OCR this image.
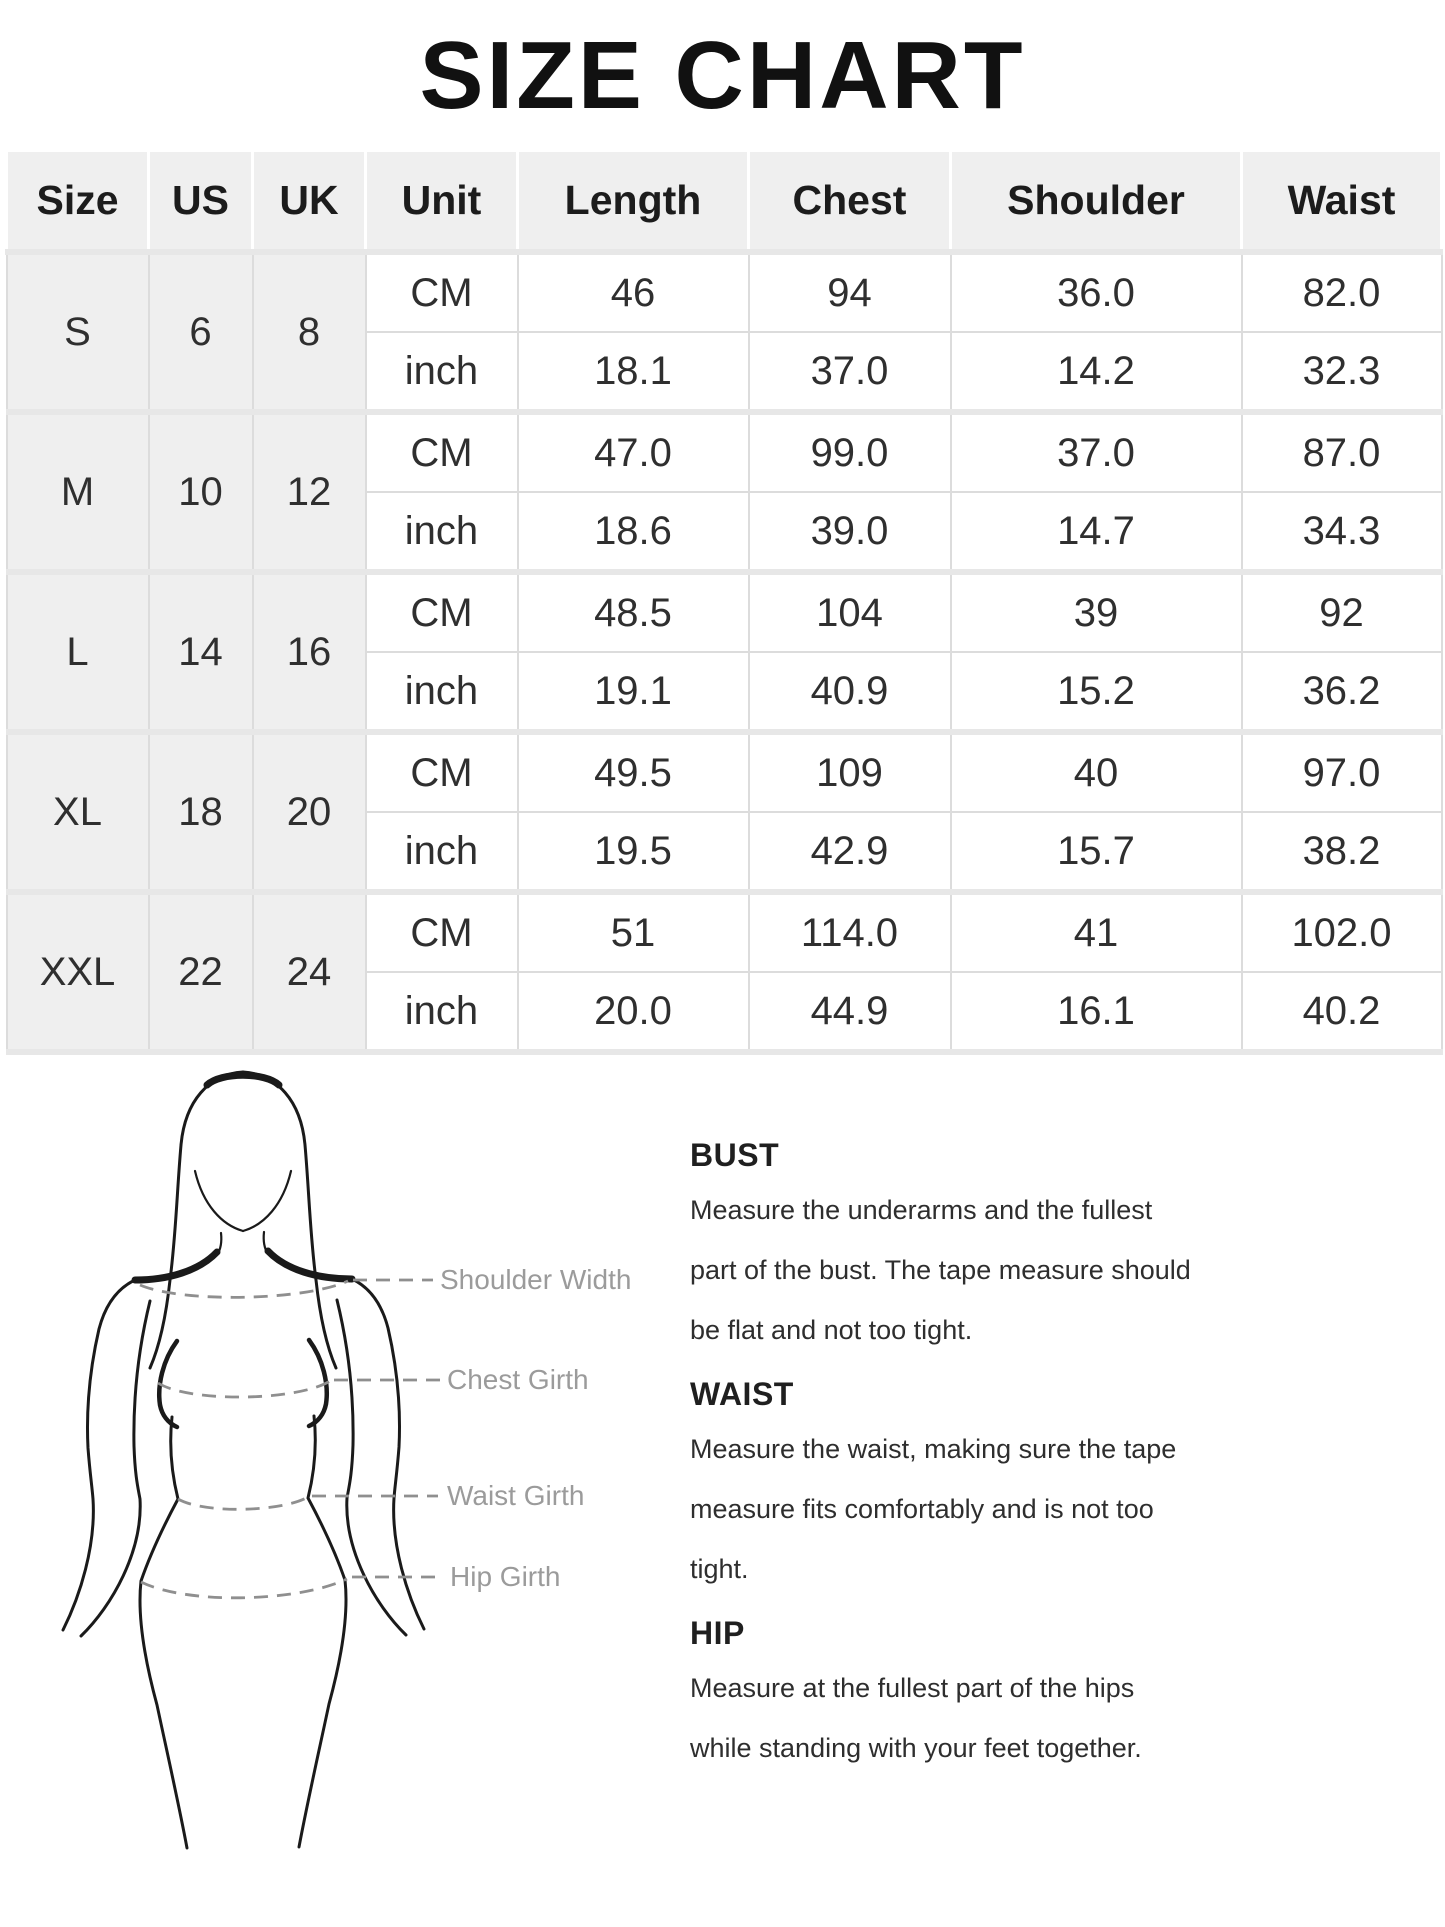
SIZE CHART
Size	US	UK	Unit	Length	Chest	Shoulder	Waist
S	6	8	CM	46	94	36.0	82.0
			inch	18.1	37.0	14.2	32.3
M	10	12	CM	47.0	99.0	37.0	87.0
			inch	18.6	39.0	14.7	34.3
L	14	16	CM	48.5	104	39	92
			inch	19.1	40.9	15.2	36.2
XL	18	20	CM	49.5	109	40	97.0
			inch	19.5	42.9	15.7	38.2
XXL	22	24	CM	51	114.0	41	102.0
			inch	20.0	44.9	16.1	40.2
Shoulder Width
Chest Girth
Waist Girth
Hip Girth
BUST
Measure the underarms and the fullest
part of the bust. The tape measure should
be flat and not too tight.
WAIST
Measure the waist, making sure the tape
measure fits comfortably and is not too
tight.
HIP
Measure at the fullest part of the hips
while standing with your feet together.
